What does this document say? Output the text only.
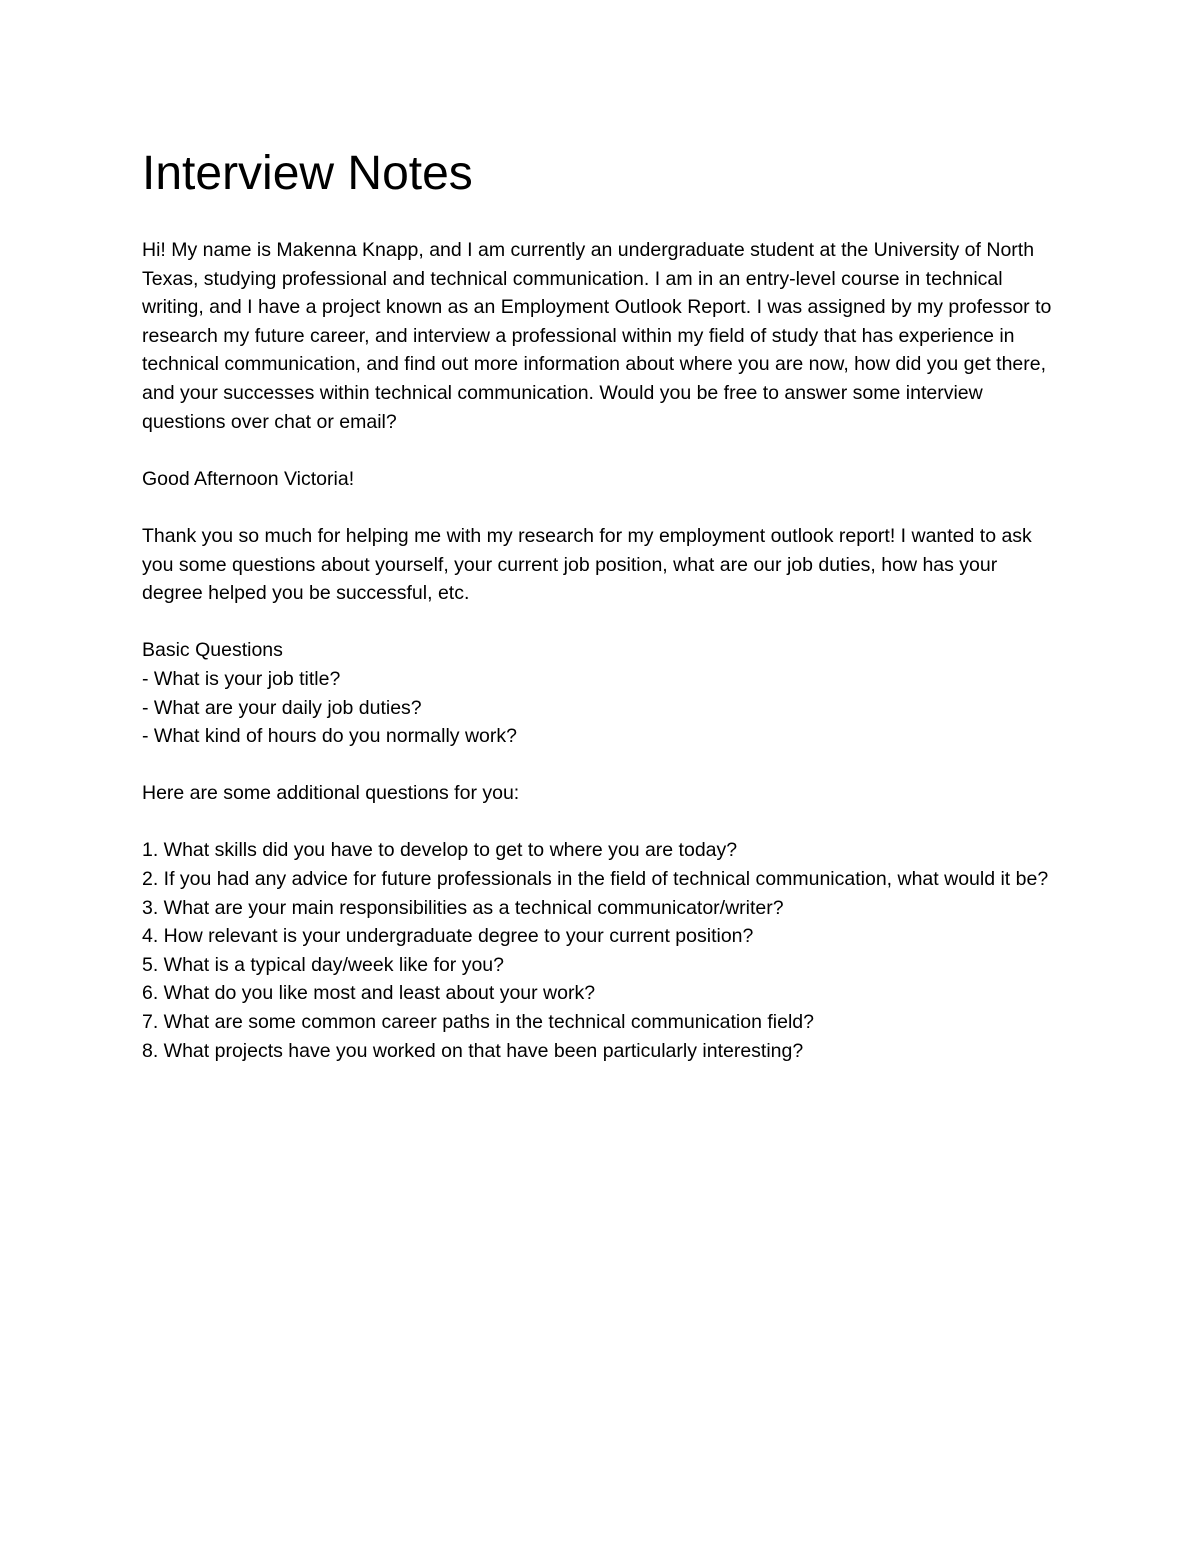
Interview Notes

Hi! My name is Makenna Knapp, and I am currently an undergraduate student at the University of North Texas, studying professional and technical communication. I am in an entry-level course in technical writing, and I have a project known as an Employment Outlook Report. I was assigned by my professor to research my future career, and interview a professional within my field of study that has experience in technical communication, and find out more information about where you are now, how did you get there, and your successes within technical communication. Would you be free to answer some interview questions over chat or email?

Good Afternoon Victoria!

Thank you so much for helping me with my research for my employment outlook report! I wanted to ask you some questions about yourself, your current job position, what are our job duties, how has your degree helped you be successful, etc.

Basic Questions

- What is your job title?

- What are your daily job duties?

- What kind of hours do you normally work?

Here are some additional questions for you:

1. What skills did you have to develop to get to where you are today?

2. If you had any advice for future professionals in the field of technical communication, what would it be?

3. What are your main responsibilities as a technical communicator/writer?

4. How relevant is your undergraduate degree to your current position?

5. What is a typical day/week like for you?

6. What do you like most and least about your work?

7. What are some common career paths in the technical communication field?

8. What projects have you worked on that have been particularly interesting?
